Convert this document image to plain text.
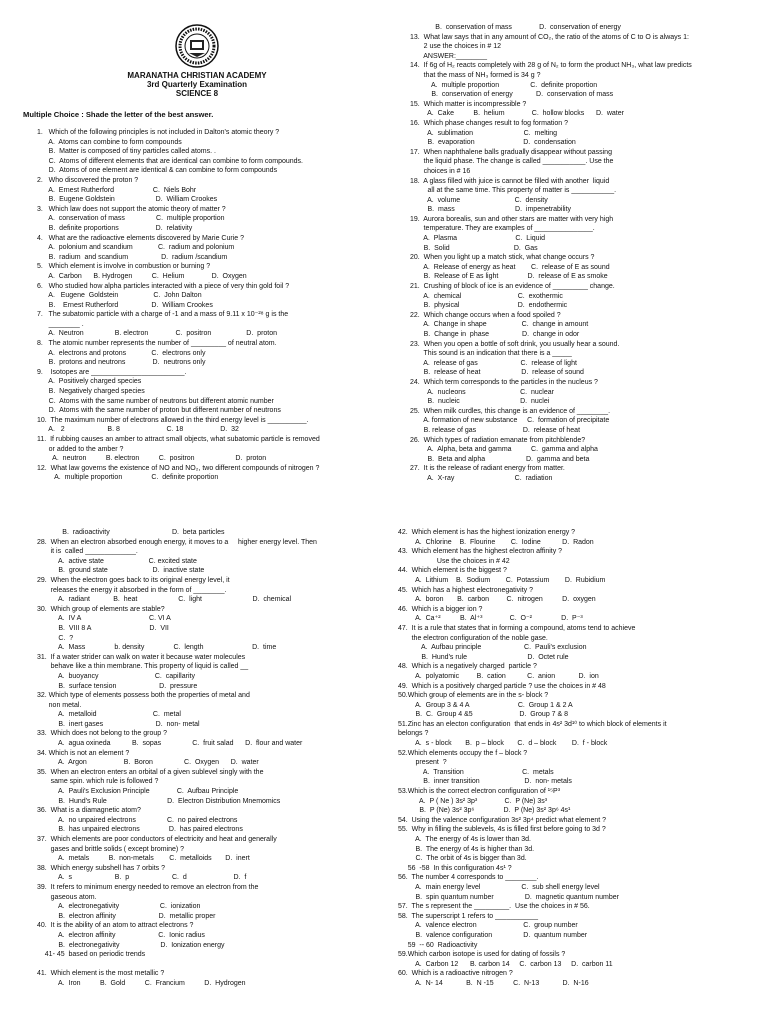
MARANATHA CHRISTIAN ACADEMY
3rd Quarterly Examination
SCIENCE 8
Multiple Choice : Shade the letter of the best answer.
1.   Which of the following principles is not included in Dalton's atomic theory ?
A.  Atoms can combine to form compounds
B.  Matter is composed of tiny particles called atoms. .
C.  Atoms of different elements that are identical can combine to form compounds.
D.  Atoms of one element are identical & can combine to form compounds
2.   Who discovered the proton ?
A.  Ernest Rutherford                    C.  Niels Bohr
B.  Eugene Goldstein                     D.  William Crookes
3.   Which law does not support the atomic theory of matter ?
A.  conservation of mass                C.  multiple proportion
B.  definite proportions                   D.  relativity
4.   What are the radioactive elements discovered by Marie Curie ?
A.  polonium and scandium             C.  radium and polonium
B.  radium  and scandium                 D.  radium /scandium
5.   Which element is involve in combustion or burning ?
A.  Carbon      B. Hydrogen          C.  Helium              D.  Oxygen
6.   Who studied how alpha particles interacted with a piece of very thin gold foil ?
A.   Eugene  Goldstein                  C.  John Dalton
B.    Ernest Rutherford                 D.  William Crookes
7.   The subatomic particle with a charge of -1 and a mass of 9.11 x 10⁻²⁸ g is the
________ .
A.  Neutron                B. electron              C.  positron                  D.  proton
8.   The atomic number represents the number of _________ of neutral atom.
A.  electrons and protons             C.  electrons only
B.  protons and neutrons              D.  neutrons only
9.    Isotopes are ________________________.
A.  Positively charged species
B.  Negatively charged species
C.  Atoms with the same number of neutrons but different atomic number
D.  Atoms with the same number of proton but different number of neutrons
10.  The maximum number of electrons allowed in the third energy level is __________.
A.   2                      B. 8                        C. 18                   D.  32
11.  If rubbing causes an amber to attract small objects, what subatomic particle is removed
or added to the amber ?
A.  neutron          B. electron          C.  positron                     D.  proton
12.  What law governs the existence of NO and NO₂, two different compounds of nitrogen ?
A.  multiple proportion               C.  definite proportion
B.  conservation of mass              D.  conservation of energy
13.  What law says that in any amount of CO₂, the ratio of the atoms of C to O is always 1:
2 use the choices in # 12
ANSWER:________
14.  If 6g of H₂ reacts completely with 28 g of N₂ to form the product NH₃, what law predicts
that the mass of NH₃ formed is 34 g ?
A.  multiple proportion                C.  definite proportion
B.  conservation of energy            D.  conservation of mass
15.  Which matter is incompressible ?
A.  Cake          B.  helium              C.  hollow blocks      D.  water
16.  Which phase changes result to fog formation ?
A.  sublimation                          C.  melting
B.  evaporation                         D.  condensation
17.  When naphthalene balls gradually disappear without passing
the liquid phase. The change is called ___________. Use the
choices in # 16
18.  A glass filled with juice is cannot be filled with another  liquid
all at the same time. This property of matter is ___________.
A.  volume                            C.  density
B.  mass                               D.  impenetrability
19.  Aurora borealis, sun and other stars are matter with very high
temperature. They are examples of _______________.
A.  Plasma                              C.  Liquid
B.  Solid                                 D.  Gas
20.  When you light up a match stick, what change occurs ?
A.  Release of energy as heat        C.  release of E as sound
B.  Release of E as light               D.  release of E as smoke
21.  Crushing of block of ice is an evidence of _________ change.
A.  chemical                             C.  exothermic
B.  physical                              D.  endothermic
22.  Which change occurs when a food spoiled ?
A.  Change in shape                  C.  change in amount
B.  Change in  phase                 D.  change in odor
23.  When you open a bottle of soft drink, you usually hear a sound.
This sound is an indication that there is a _____
A.  release of gas                      C.  release of light
B.  release of heat                     D.  release of sound
24.  Which term corresponds to the particles in the nucleus ?
A.  nucleons                            C.  nuclear
B.  nucleic                               D.  nuclei
25.  When milk curdles, this change is an evidence of ________.
A. formation of new substance     C.  formation of precipitate
B. release of gas                        D.  release of heat
26.  Which types of radiation emanate from pitchblende?
A.  Alpha, beta and gamma          C.  gamma and alpha
B.  Beta and alpha                     D.  gamma and beta
27.  It is the release of radiant energy from matter.
A.  X-ray                               C.  radiation
B.  radioactivity                                D.  beta particles
28.  When an electron absorbed enough energy, it moves to a     higher energy level. Then
it is  called _____________.
A.  active state                       C. excited state
B.  ground state                       D.  inactive state
29.  When the electron goes back to its original energy level, it
releases the energy it absorbed in the form of ________.
A.  radiant            B.  heat                     C.  light                          D.  chemical
30.  Which group of elements are stable?
A.  IV A                                   C. VI A
B.  VIII 8 A                              D.  VII
C.  ?
A.  Mass               b. density               C.  length                         D.  time
31.  If a water strider can walk on water it because water molecules
behave like a thin membrane. This property of liquid is called __
A.  buoyancy                             C.  capillarity
B.  surface tension                      D.  pressure
32. Which type of elements possess both the properties of metal and
non metal.
A.  metalloid                             C.  metal
B.  inert gases                           D.  non- metal
33.  Which does not belong to the group ?
A.  agua oxineda           B.  sopas                C.  fruit salad      D.  flour and water
34. Which is not an element ?
A.  Argon                   B.  Boron                C.  Oxygen      D.  water
35.  When an electron enters an orbital of a given sublevel singly with the
same spin. which rule is followed ?
A.  Pauli's Exclusion Principle              C.  Aufbau Principle
B.  Hund's Rule                               D.  Electron Distribution Mnemomics
36.  What is a diamagnetic atom?
A.  no unpaired electrons                C.  no paired electrons
B.  has unpaired electrons               D.  has paired electrons
37.  Which elements are poor conductors of electricity and heat and generally
gases and brittle solids ( except bromine) ?
A.  metals          B.  non-metals        C.  metalloids       D.  inert
38.  Which energy subshell has 7 orbits ?
A.  s                      B.  p                      C.  d                        D.  f
39.  It refers to minimum energy needed to remove an electron from the
gaseous atom.
A.  electronegativity                     C.  ionization
B.  electron affinity                      D.  metallic proper
40.  It is the ability of an atom to attract electrons ?
A.  electron affinity                      C.  Ionic radius
B.  electronegativity                     D.  Ionization energy
41- 45  based on periodic trends

41.  Which element is the most metallic ?
A.  Iron          B.  Gold          C.  Francium          D.  Hydrogen
42.  Which element is has the highest ionization energy ?
A.  Chlorine    B.  Flourine        C.  Iodine           D.  Radon
43.  Which element has the highest electron affinity ?
Use the choices in # 42
44.  Which element is the biggest ?
A.  Lithium    B.  Sodium        C.  Potassium        D.  Rubidium
45.  Which has a highest electronegativity ?
A.  boron       B.  carbon         C.  nitrogen          D.  oxygen
46.  Which is a bigger ion ?
A.  Ca⁺²          B.  Al⁺³              C.  O⁻²               D.  P⁻³
47.  It is a rule that states that in forming a compound, atoms tend to achieve
the electron configuration of the noble gase.
A.  Aufbau principle                      C.  Pauli's exclusion
B.  Hund's rule                               D.  Octet rule
48.  Which is a negatively charged  particle ?
A.  polyatomic         B.  cation           C.  anion            D.  ion
49.  Which is a positively charged particle ? use the choices in # 48
50.Which group of elements are in the s- block ?
A.  Group 3 & 4 A                         C.  Group 1 & 2 A
B.  C.  Group 4 &5                        D.  Group 7 & 8
51.Zinc has an electon configuration  that ends in 4s² 3d¹⁰ to which block of elements it
belongs ?
A.  s - block       B.  p – block       C.  d – block        D.  f - block
52.Which elements occupy the f – block ?
present  ?
A.  Transition                              C.  metals
B.  inner transition                       D.  non- metals
53.Which is the correct electron configuration of ¹⁵P³
A.  P ( Ne ) 3s² 3p³              C.  P (Ne) 3s³
B.  P (Ne) 3s² 3p⁶               D.  P (Ne) 3s² 3p⁶ 4s¹
54.  Using the valence configuration 3s² 3p⁴ predict what element ?
55.  Why in filling the sublevels, 4s is filled first before going to 3d ?
A.  The energy of 4s is lower than 3d.
B.  The energy of 4s is higher than 3d.
C.  The orbit of 4s is bigger than 3d.
56  -58  In this configuration 4s¹ ?
56.  The number 4 corresponds to ________.
A.  main energy level                     C.  sub shell energy level
B.  spin quantum number                D.  magnetic quantum number
57.  The s represent the _________.  Use the choices in # 56.
58.  The superscript 1 refers to ___________
A.  valence electron                        C.  group number
B.  valence configuration                D.  quantum number
59  -- 60  Radioactivity
59.Which carbon isotope is used for dating of fossils ?
A.  Carbon 12      B. carbon 14     C.  carbon 13     D.  carbon 11
60.  Which is a radioactive nitrogen ?
A.  N- 14            B.  N -15          C.  N-13            D.  N-16
